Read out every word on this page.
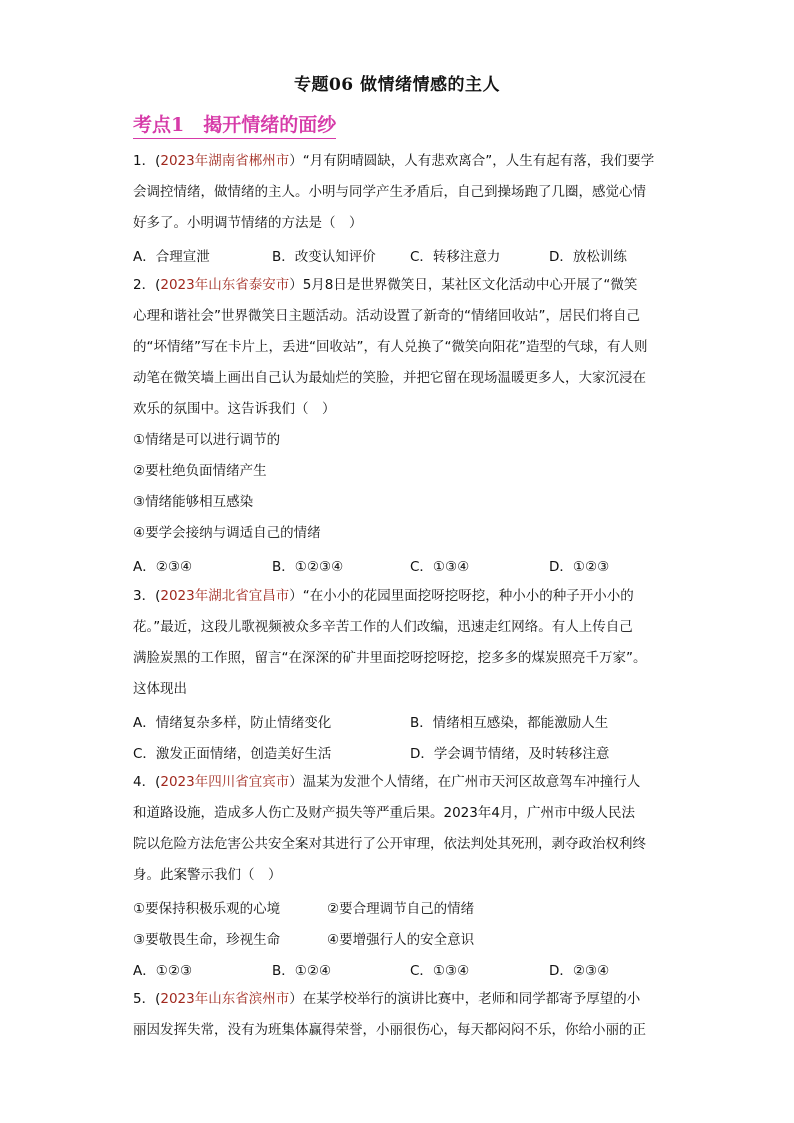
专题06 做情绪情感的主人
考点1　揭开情绪的面纱
1．(2023年湖南省郴州市）“月有阴晴圆缺，人有悲欢离合”，人生有起有落，我们要学
会调控情绪，做情绪的主人。小明与同学产生矛盾后，自己到操场跑了几圈，感觉心情
好多了。小明调节情绪的方法是（　）
A．合理宣泄	B．改变认知评价	C．转移注意力	D．放松训练
2．(2023年山东省泰安市）5月8日是世界微笑日，某社区文化活动中心开展了“微笑
心理和谐社会”世界微笑日主题活动。活动设置了新奇的“情绪回收站”，居民们将自己
的“坏情绪”写在卡片上，丢进“回收站”，有人兑换了“微笑向阳花”造型的气球，有人则
动笔在微笑墙上画出自己认为最灿烂的笑脸，并把它留在现场温暖更多人，大家沉浸在
欢乐的氛围中。这告诉我们（　）
①情绪是可以进行调节的
②要杜绝负面情绪产生
③情绪能够相互感染
④要学会接纳与调适自己的情绪
A．②③④	B．①②③④	C．①③④	D．①②③
3．(2023年湖北省宜昌市）“在小小的花园里面挖呀挖呀挖，种小小的种子开小小的
花。”最近，这段儿歌视频被众多辛苦工作的人们改编，迅速走红网络。有人上传自己
满脸炭黑的工作照，留言“在深深的矿井里面挖呀挖呀挖，挖多多的煤炭照亮千万家”。
这体现出
A．情绪复杂多样，防止情绪变化	B．情绪相互感染，都能激励人生
C．激发正面情绪，创造美好生活	D．学会调节情绪，及时转移注意
4．(2023年四川省宜宾市）温某为发泄个人情绪，在广州市天河区故意驾车冲撞行人
和道路设施，造成多人伤亡及财产损失等严重后果。2023年4月，广州市中级人民法
院以危险方法危害公共安全案对其进行了公开审理，依法判处其死刑，剥夺政治权利终
身。此案警示我们（　）
①要保持积极乐观的心境	②要合理调节自己的情绪
③要敬畏生命，珍视生命	④要增强行人的安全意识
A．①②③	B．①②④	C．①③④	D．②③④
5．(2023年山东省滨州市）在某学校举行的演讲比赛中，老师和同学都寄予厚望的小
丽因发挥失常，没有为班集体赢得荣誉，小丽很伤心，每天都闷闷不乐，你给小丽的正
